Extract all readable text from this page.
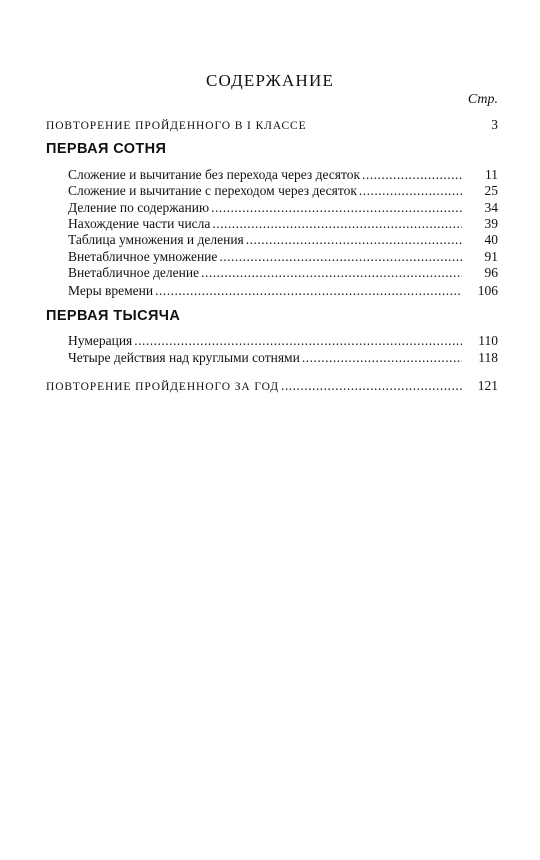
СОДЕРЖАНИЕ
Стр.
ПОВТОРЕНИЕ ПРОЙДЕННОГО В I КЛАССЕ	3
ПЕРВАЯ СОТНЯ
Сложение и вычитание без перехода через десяток .....	11
Сложение и вычитание с переходом через десяток .....	25
Деление по содержанию .....	34
Нахождение части числа .....	39
Таблица умножения и деления .....	40
Внетабличное умножение .....	91
Внетабличное деление .....	96
Меры времени .....	106
ПЕРВАЯ ТЫСЯЧА
Нумерация .....	110
Четыре действия над круглыми сотнями .....	118
ПОВТОРЕНИЕ ПРОЙДЕННОГО ЗА ГОД .....	121
